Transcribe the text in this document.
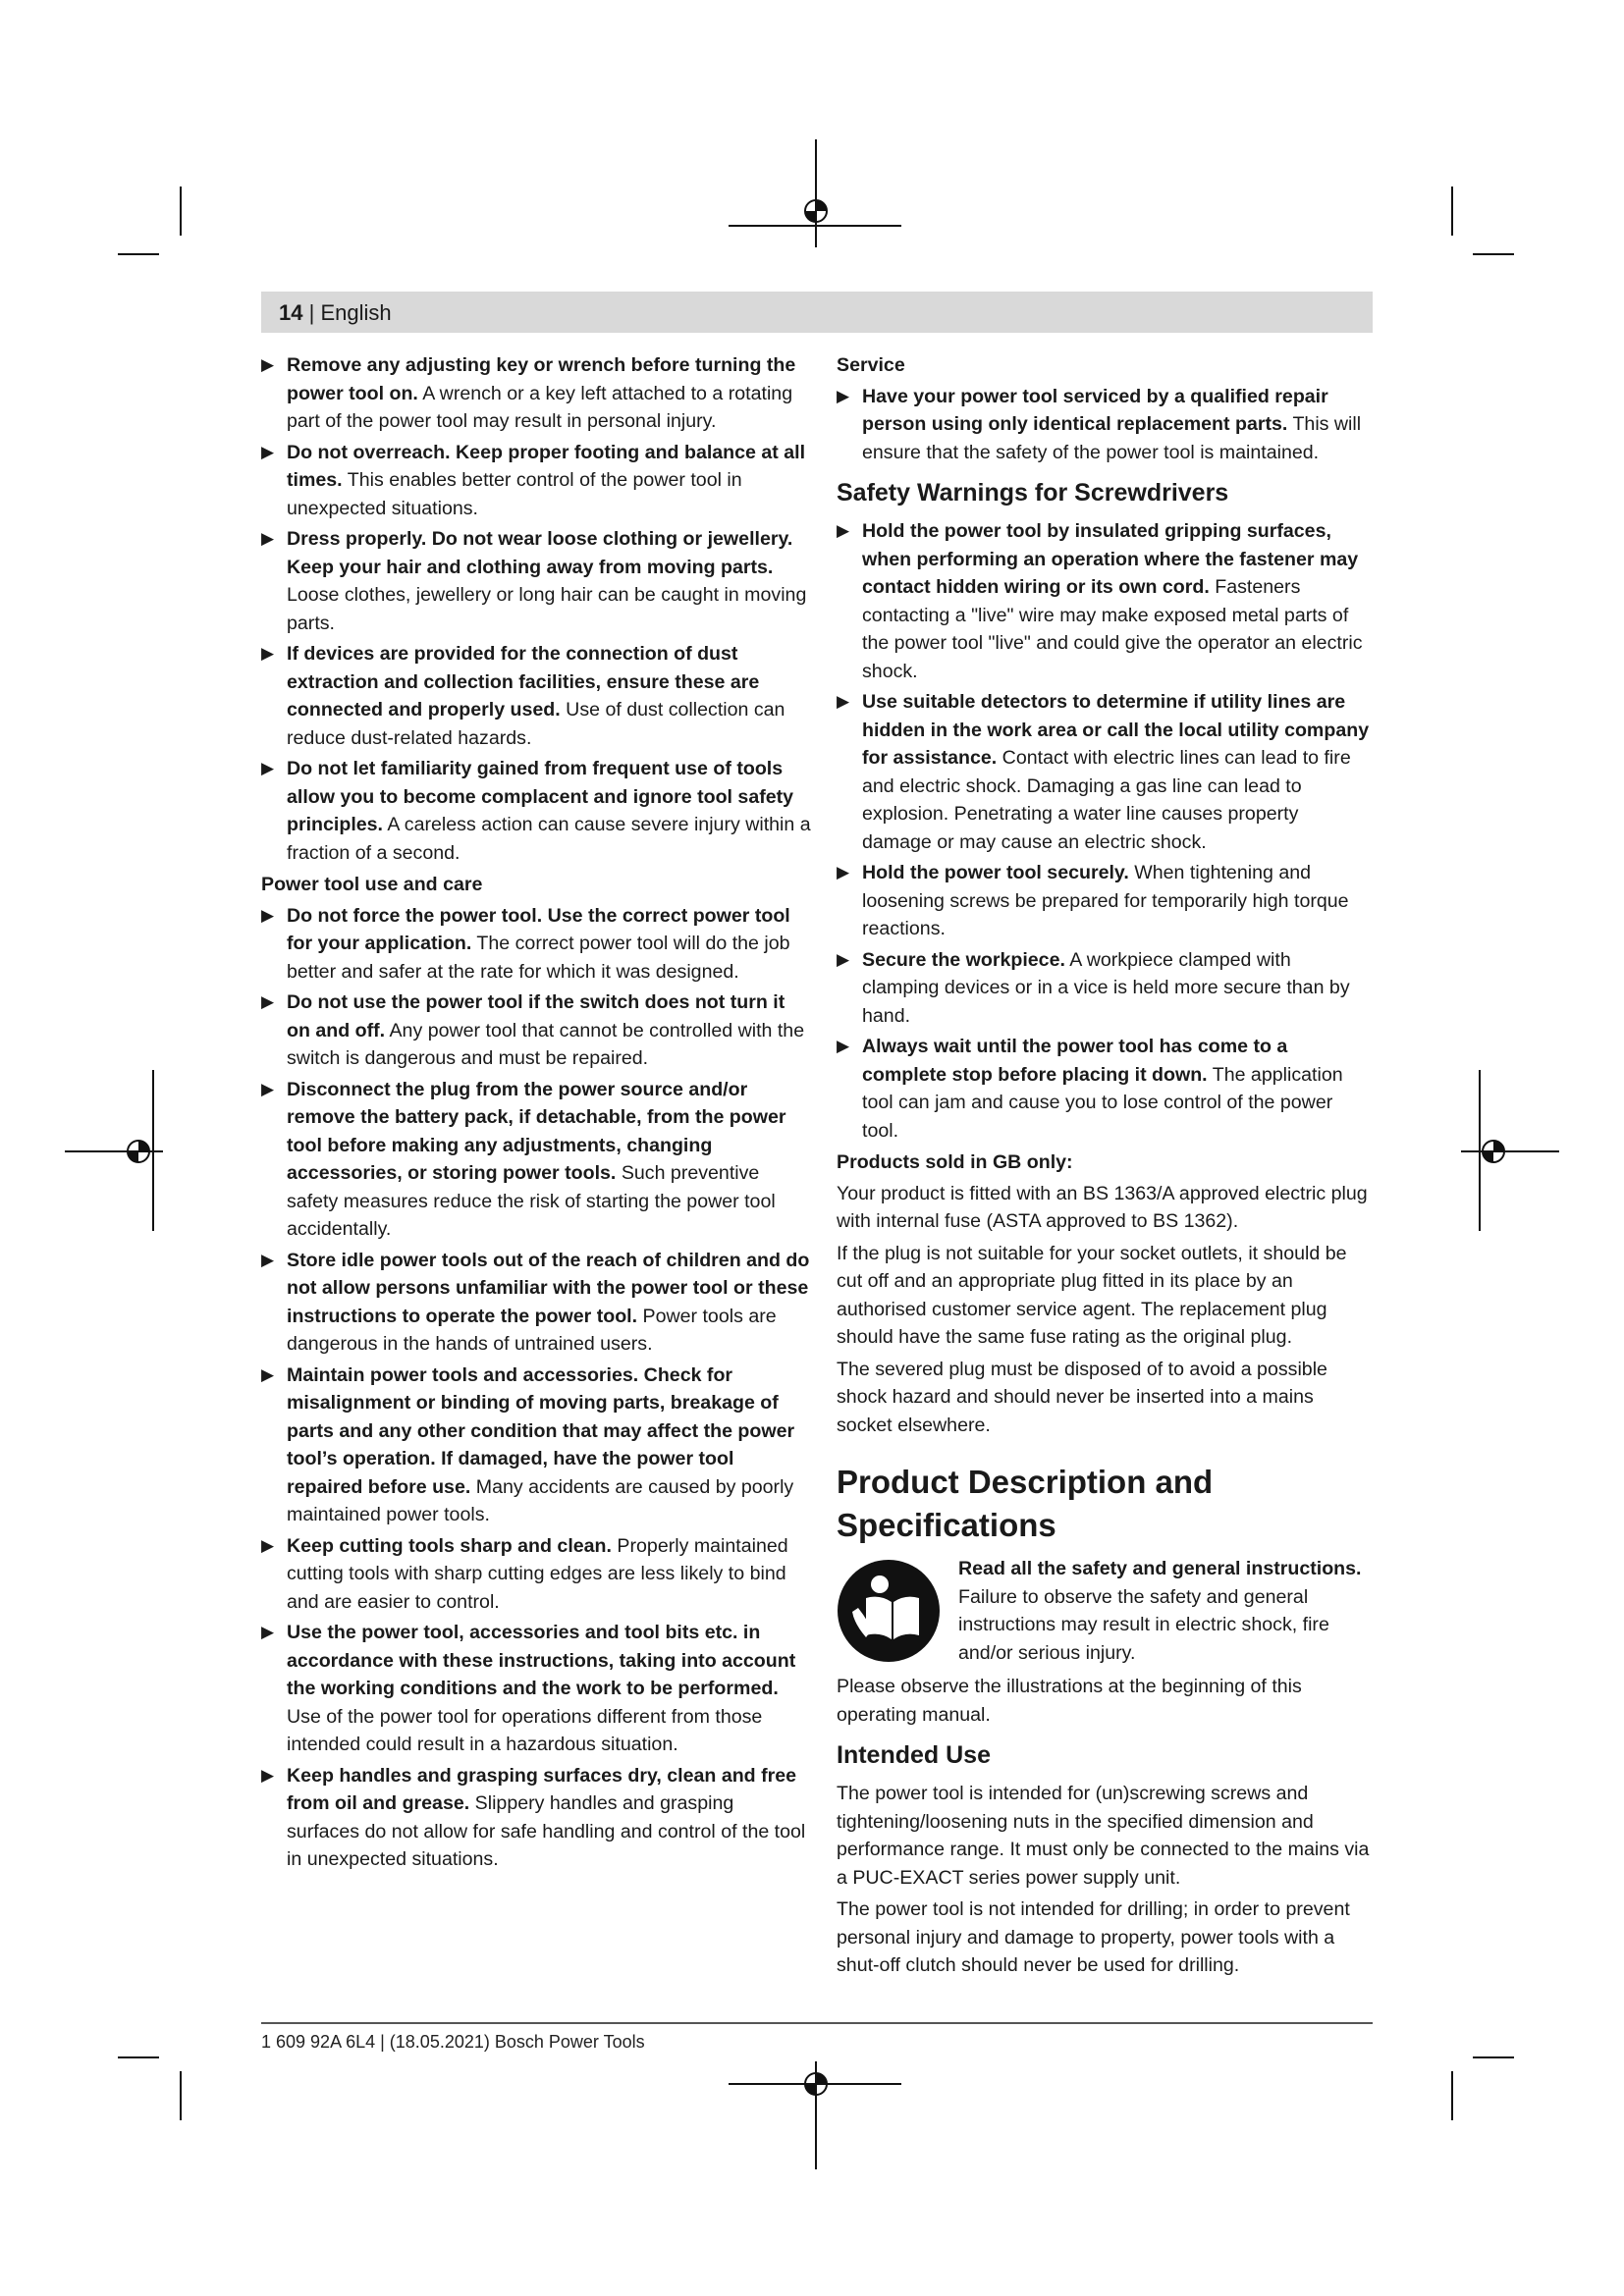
14 | English
▶ Remove any adjusting key or wrench before turning the power tool on. A wrench or a key left attached to a rotating part of the power tool may result in personal injury.
▶ Do not overreach. Keep proper footing and balance at all times. This enables better control of the power tool in unexpected situations.
▶ Dress properly. Do not wear loose clothing or jewellery. Keep your hair and clothing away from moving parts. Loose clothes, jewellery or long hair can be caught in moving parts.
▶ If devices are provided for the connection of dust extraction and collection facilities, ensure these are connected and properly used. Use of dust collection can reduce dust-related hazards.
▶ Do not let familiarity gained from frequent use of tools allow you to become complacent and ignore tool safety principles. A careless action can cause severe injury within a fraction of a second.
Power tool use and care
▶ Do not force the power tool. Use the correct power tool for your application. The correct power tool will do the job better and safer at the rate for which it was designed.
▶ Do not use the power tool if the switch does not turn it on and off. Any power tool that cannot be controlled with the switch is dangerous and must be repaired.
▶ Disconnect the plug from the power source and/or remove the battery pack, if detachable, from the power tool before making any adjustments, changing accessories, or storing power tools. Such preventive safety measures reduce the risk of starting the power tool accidentally.
▶ Store idle power tools out of the reach of children and do not allow persons unfamiliar with the power tool or these instructions to operate the power tool. Power tools are dangerous in the hands of untrained users.
▶ Maintain power tools and accessories. Check for misalignment or binding of moving parts, breakage of parts and any other condition that may affect the power tool’s operation. If damaged, have the power tool repaired before use. Many accidents are caused by poorly maintained power tools.
▶ Keep cutting tools sharp and clean. Properly maintained cutting tools with sharp cutting edges are less likely to bind and are easier to control.
▶ Use the power tool, accessories and tool bits etc. in accordance with these instructions, taking into account the working conditions and the work to be performed. Use of the power tool for operations different from those intended could result in a hazardous situation.
▶ Keep handles and grasping surfaces dry, clean and free from oil and grease. Slippery handles and grasping surfaces do not allow for safe handling and control of the tool in unexpected situations.
Service
▶ Have your power tool serviced by a qualified repair person using only identical replacement parts. This will ensure that the safety of the power tool is maintained.
Safety Warnings for Screwdrivers
▶ Hold the power tool by insulated gripping surfaces, when performing an operation where the fastener may contact hidden wiring or its own cord. Fasteners contacting a "live" wire may make exposed metal parts of the power tool "live" and could give the operator an electric shock.
▶ Use suitable detectors to determine if utility lines are hidden in the work area or call the local utility company for assistance. Contact with electric lines can lead to fire and electric shock. Damaging a gas line can lead to explosion. Penetrating a water line causes property damage or may cause an electric shock.
▶ Hold the power tool securely. When tightening and loosening screws be prepared for temporarily high torque reactions.
▶ Secure the workpiece. A workpiece clamped with clamping devices or in a vice is held more secure than by hand.
▶ Always wait until the power tool has come to a complete stop before placing it down. The application tool can jam and cause you to lose control of the power tool.
Products sold in GB only:
Your product is fitted with an BS 1363/A approved electric plug with internal fuse (ASTA approved to BS 1362).
If the plug is not suitable for your socket outlets, it should be cut off and an appropriate plug fitted in its place by an authorised customer service agent. The replacement plug should have the same fuse rating as the original plug.
The severed plug must be disposed of to avoid a possible shock hazard and should never be inserted into a mains socket elsewhere.
Product Description and Specifications
Read all the safety and general instructions. Failure to observe the safety and general instructions may result in electric shock, fire and/or serious injury.
Please observe the illustrations at the beginning of this operating manual.
Intended Use
The power tool is intended for (un)screwing screws and tightening/loosening nuts in the specified dimension and performance range. It must only be connected to the mains via a PUC-EXACT series power supply unit.
The power tool is not intended for drilling; in order to prevent personal injury and damage to property, power tools with a shut-off clutch should never be used for drilling.
1 609 92A 6L4 | (18.05.2021) Bosch Power Tools
